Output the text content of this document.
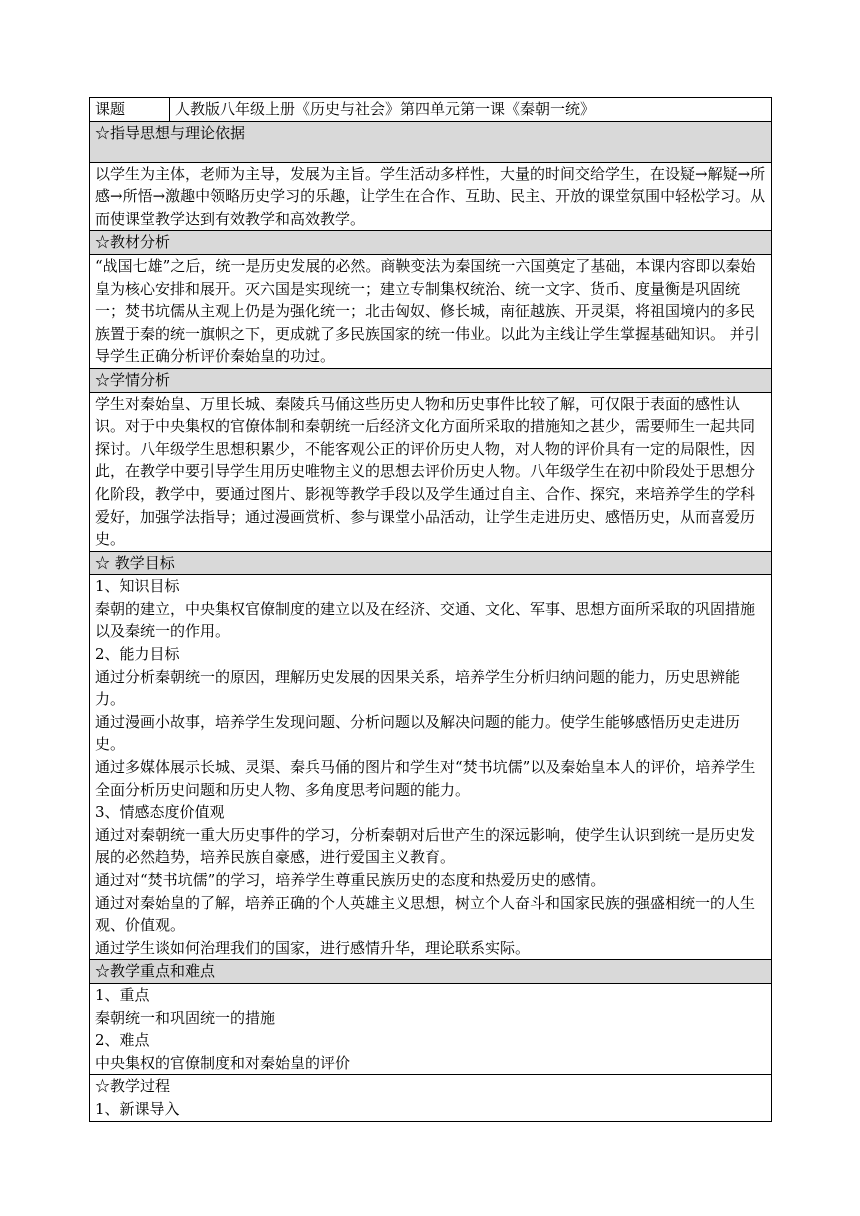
课题	人教版八年级上册《历史与社会》第四单元第一课《秦朝一统》
☆指导思想与理论依据

以学生为主体，老师为主导，发展为主旨。学生活动多样性，大量的时间交给学生，在设疑→解疑→所感→所悟→激趣中领略历史学习的乐趣，让学生在合作、互助、民主、开放的课堂氛围中轻松学习。从而使课堂教学达到有效教学和高效教学。

☆教材分析

“战国七雄”之后，统一是历史发展的必然。商鞅变法为秦国统一六国奠定了基础，本课内容即以秦始皇为核心安排和展开。灭六国是实现统一；建立专制集权统治、统一文字、货币、度量衡是巩固统一；焚书坑儒从主观上仍是为强化统一；北击匈奴、修长城，南征越族、开灵渠，将祖国境内的多民族置于秦的统一旗帜之下，更成就了多民族国家的统一伟业。以此为主线让学生掌握基础知识。 并引导学生正确分析评价秦始皇的功过。

☆学情分析

学生对秦始皇、万里长城、秦陵兵马俑这些历史人物和历史事件比较了解，可仅限于表面的感性认识。对于中央集权的官僚体制和秦朝统一后经济文化方面所采取的措施知之甚少，需要师生一起共同探讨。八年级学生思想积累少，不能客观公正的评价历史人物，对人物的评价具有一定的局限性，因此，在教学中要引导学生用历史唯物主义的思想去评价历史人物。八年级学生在初中阶段处于思想分化阶段，教学中，要通过图片、影视等教学手段以及学生通过自主、合作、探究，来培养学生的学科爱好，加强学法指导；通过漫画赏析、参与课堂小品活动，让学生走进历史、感悟历史，从而喜爱历史。

☆ 教学目标

1、知识目标

秦朝的建立，中央集权官僚制度的建立以及在经济、交通、文化、军事、思想方面所采取的巩固措施以及秦统一的作用。

2、能力目标

通过分析秦朝统一的原因，理解历史发展的因果关系，培养学生分析归纳问题的能力，历史思辨能力。

通过漫画小故事，培养学生发现问题、分析问题以及解决问题的能力。使学生能够感悟历史走进历史。

通过多媒体展示长城、灵渠、秦兵马俑的图片和学生对“焚书坑儒”以及秦始皇本人的评价，培养学生全面分析历史问题和历史人物、多角度思考问题的能力。

3、情感态度价值观

通过对秦朝统一重大历史事件的学习，分析秦朝对后世产生的深远影响，使学生认识到统一是历史发展的必然趋势，培养民族自豪感，进行爱国主义教育。

通过对“焚书坑儒”的学习，培养学生尊重民族历史的态度和热爱历史的感情。

通过对秦始皇的了解，培养正确的个人英雄主义思想，树立个人奋斗和国家民族的强盛相统一的人生观、价值观。

通过学生谈如何治理我们的国家，进行感情升华，理论联系实际。

☆教学重点和难点

1、重点

秦朝统一和巩固统一的措施

2、难点

中央集权的官僚制度和对秦始皇的评价

☆教学过程

1、新课导入
